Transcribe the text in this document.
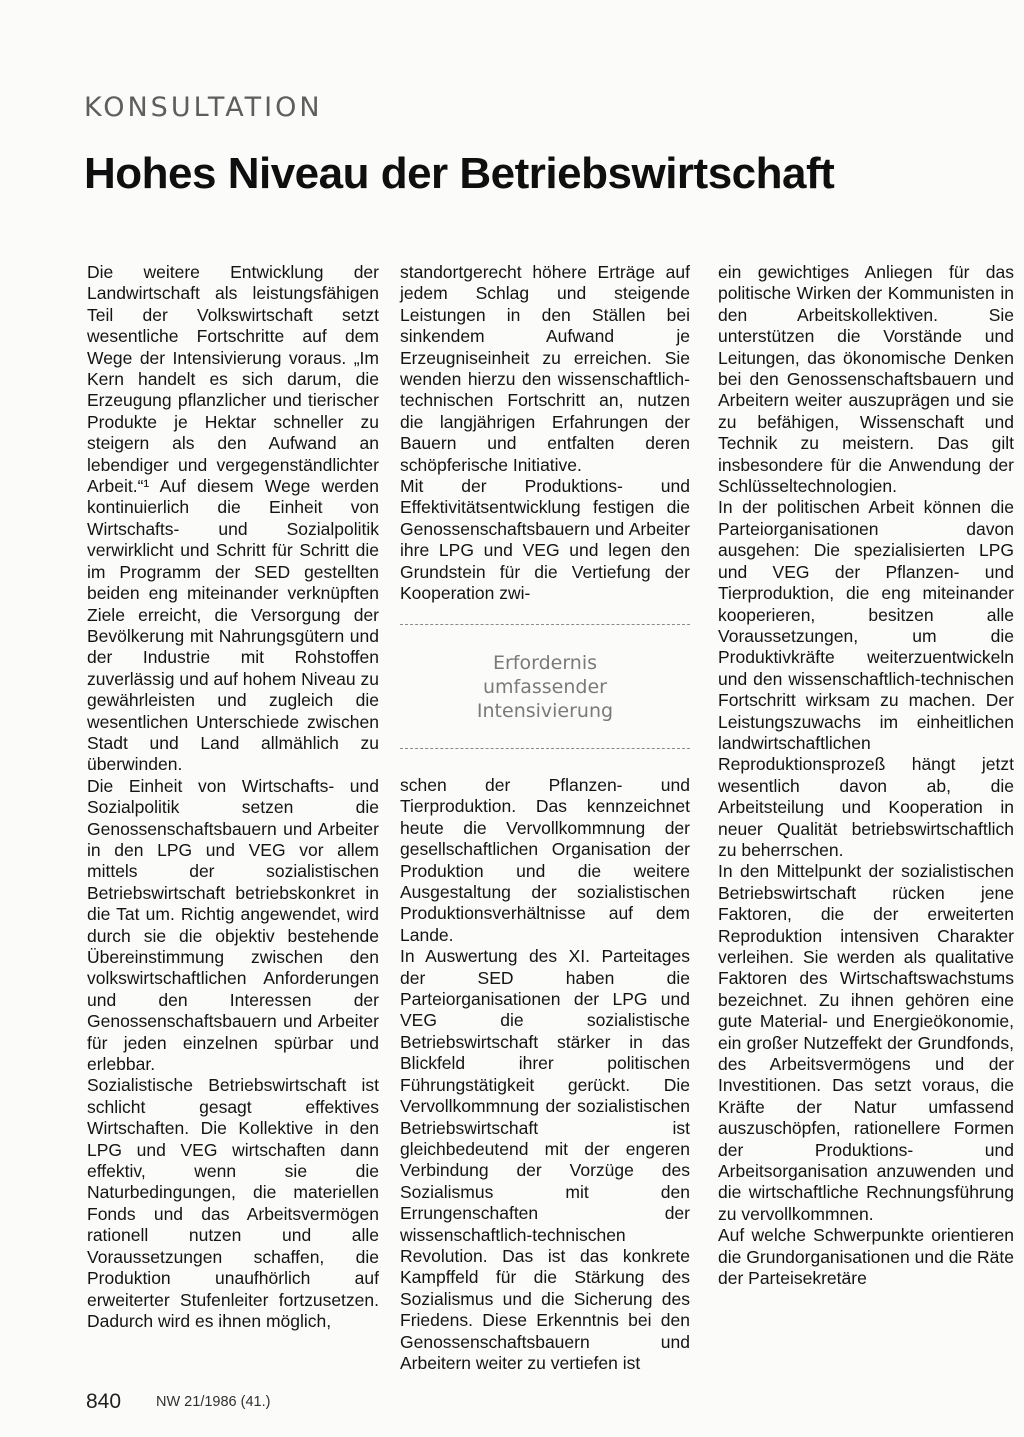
KONSULTATION
Hohes Niveau der Betriebswirtschaft

Die weitere Entwicklung der Landwirtschaft als leistungsfähigen Teil der Volkswirtschaft setzt wesentliche Fortschritte auf dem Wege der Intensivierung voraus. „Im Kern handelt es sich darum, die Erzeugung pflanzlicher und tierischer Produkte je Hektar schneller zu steigern als den Aufwand an lebendiger und vergegenständlichter Arbeit.“¹ Auf diesem Wege werden kontinuierlich die Einheit von Wirtschafts- und Sozialpolitik verwirklicht und Schritt für Schritt die im Programm der SED gestellten beiden eng miteinander verknüpften Ziele erreicht, die Versorgung der Bevölkerung mit Nahrungsgütern und der Industrie mit Rohstoffen zuverlässig und auf hohem Niveau zu gewährleisten und zugleich die wesentlichen Unterschiede zwischen Stadt und Land allmählich zu überwinden.

Die Einheit von Wirtschafts- und Sozialpolitik setzen die Genossenschaftsbauern und Arbeiter in den LPG und VEG vor allem mittels der sozialistischen Betriebswirtschaft betriebskonkret in die Tat um. Richtig angewendet, wird durch sie die objektiv bestehende Übereinstimmung zwischen den volkswirtschaftlichen Anforderungen und den Interessen der Genossenschaftsbauern und Arbeiter für jeden einzelnen spürbar und erlebbar.

Sozialistische Betriebswirtschaft ist schlicht gesagt effektives Wirtschaften. Die Kollektive in den LPG und VEG wirtschaften dann effektiv, wenn sie die Naturbedingungen, die materiellen Fonds und das Arbeitsvermögen rationell nutzen und alle Voraussetzungen schaffen, die Produktion unaufhörlich auf erweiterter Stufenleiter fortzusetzen. Dadurch wird es ihnen möglich,

standortgerecht höhere Erträge auf jedem Schlag und steigende Leistungen in den Ställen bei sinkendem Aufwand je Erzeugniseinheit zu erreichen. Sie wenden hierzu den wissenschaftlich-technischen Fortschritt an, nutzen die langjährigen Erfahrungen der Bauern und entfalten deren schöpferische Initiative.

Mit der Produktions- und Effektivitätsentwicklung festigen die Genossenschaftsbauern und Arbeiter ihre LPG und VEG und legen den Grundstein für die Vertiefung der Kooperation zwi-

Erfordernis
umfassender
Intensivierung

schen der Pflanzen- und Tierproduktion. Das kennzeichnet heute die Vervollkommnung der gesellschaftlichen Organisation der Produktion und die weitere Ausgestaltung der sozialistischen Produktionsverhältnisse auf dem Lande.

In Auswertung des XI. Parteitages der SED haben die Parteiorganisationen der LPG und VEG die sozialistische Betriebswirtschaft stärker in das Blickfeld ihrer politischen Führungstätigkeit gerückt. Die Vervollkommnung der sozialistischen Betriebswirtschaft ist gleichbedeutend mit der engeren Verbindung der Vorzüge des Sozialismus mit den Errungenschaften der wissenschaftlich-technischen Revolution. Das ist das konkrete Kampffeld für die Stärkung des Sozialismus und die Sicherung des Friedens. Diese Erkenntnis bei den Genossenschaftsbauern und Arbeitern weiter zu vertiefen ist

ein gewichtiges Anliegen für das politische Wirken der Kommunisten in den Arbeitskollektiven. Sie unterstützen die Vorstände und Leitungen, das ökonomische Denken bei den Genossenschaftsbauern und Arbeitern weiter auszuprägen und sie zu befähigen, Wissenschaft und Technik zu meistern. Das gilt insbesondere für die Anwendung der Schlüsseltechnologien.

In der politischen Arbeit können die Parteiorganisationen davon ausgehen: Die spezialisierten LPG und VEG der Pflanzen- und Tierproduktion, die eng miteinander kooperieren, besitzen alle Voraussetzungen, um die Produktivkräfte weiterzuentwickeln und den wissenschaftlich-technischen Fortschritt wirksam zu machen. Der Leistungszuwachs im einheitlichen landwirtschaftlichen Reproduktionsprozeß hängt jetzt wesentlich davon ab, die Arbeitsteilung und Kooperation in neuer Qualität betriebswirtschaftlich zu beherrschen.

In den Mittelpunkt der sozialistischen Betriebswirtschaft rücken jene Faktoren, die der erweiterten Reproduktion intensiven Charakter verleihen. Sie werden als qualitative Faktoren des Wirtschaftswachstums bezeichnet. Zu ihnen gehören eine gute Material- und Energieökonomie, ein großer Nutzeffekt der Grundfonds, des Arbeitsvermögens und der Investitionen. Das setzt voraus, die Kräfte der Natur umfassend auszuschöpfen, rationellere Formen der Produktions- und Arbeitsorganisation anzuwenden und die wirtschaftliche Rechnungsführung zu vervollkommnen.

Auf welche Schwerpunkte orientieren die Grundorganisationen und die Räte der Parteisekretäre

840 NW 21/1986 (41.)
